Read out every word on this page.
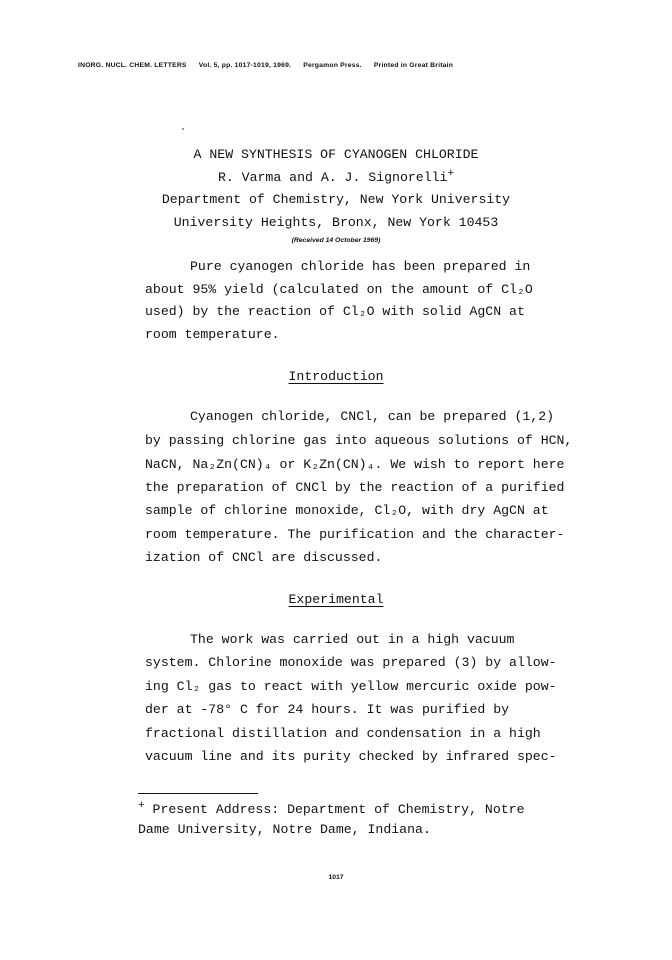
INORG. NUCL. CHEM. LETTERS Vol. 5, pp. 1017-1019, 1969. Pergamon Press. Printed in Great Britain
A NEW SYNTHESIS OF CYANOGEN CHLORIDE
R. Varma and A. J. Signorelli+
Department of Chemistry, New York University
University Heights, Bronx, New York 10453
(Received 14 October 1969)
Pure cyanogen chloride has been prepared in
about 95% yield (calculated on the amount of Cl₂O
used) by the reaction of Cl₂O with solid AgCN at
room temperature.
Introduction
Cyanogen chloride, CNCl, can be prepared (1,2)
by passing chlorine gas into aqueous solutions of HCN,
NaCN, Na₂Zn(CN)₄ or K₂Zn(CN)₄. We wish to report here
the preparation of CNCl by the reaction of a purified
sample of chlorine monoxide, Cl₂O, with dry AgCN at
room temperature. The purification and the character-
ization of CNCl are discussed.
Experimental
The work was carried out in a high vacuum
system. Chlorine monoxide was prepared (3) by allow-
ing Cl₂ gas to react with yellow mercuric oxide pow-
der at -78° C for 24 hours. It was purified by
fractional distillation and condensation in a high
vacuum line and its purity checked by infrared spec-
+ Present Address: Department of Chemistry, Notre
Dame University, Notre Dame, Indiana.
1017
